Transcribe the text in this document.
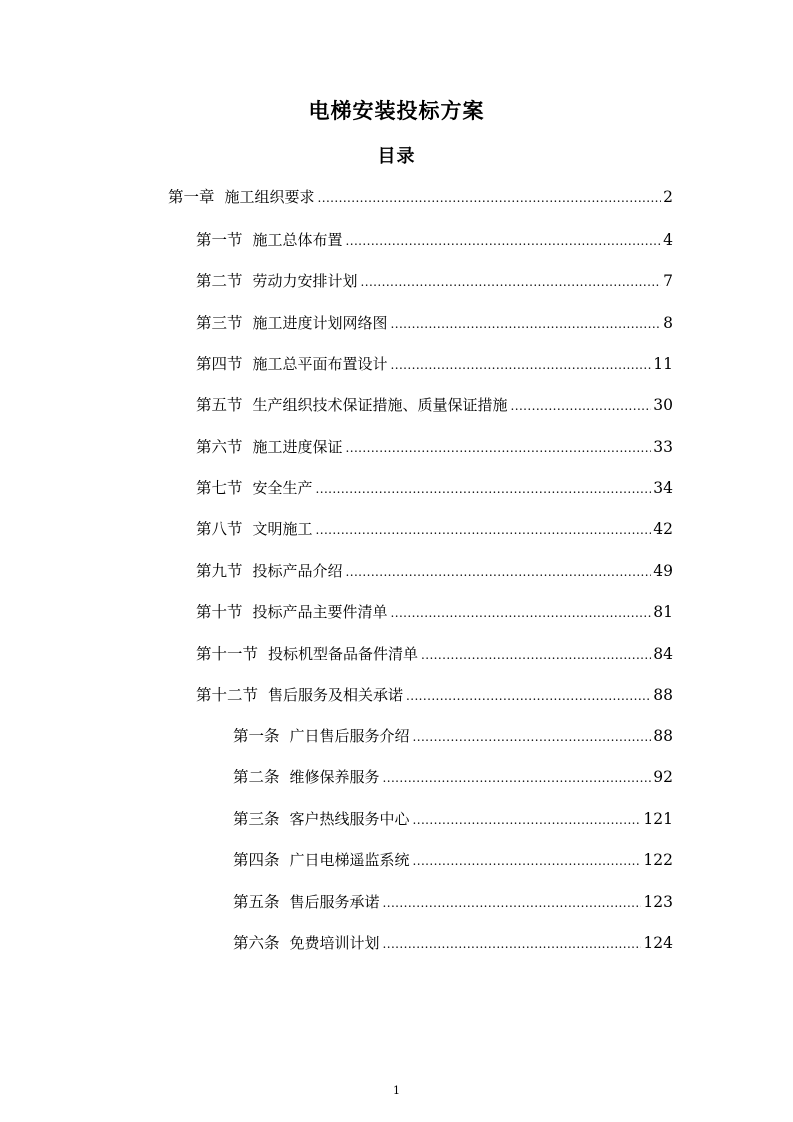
电梯安装投标方案
目录
第一章 施工组织要求 .....	2
第一节 施工总体布置 .....	4
第二节 劳动力安排计划 .....	7
第三节 施工进度计划网络图 .....	8
第四节 施工总平面布置设计 .....	11
第五节 生产组织技术保证措施、质量保证措施 .....	30
第六节 施工进度保证 .....	33
第七节 安全生产 .....	34
第八节 文明施工 .....	42
第九节 投标产品介绍 .....	49
第十节 投标产品主要件清单 .....	81
第十一节 投标机型备品备件清单 .....	84
第十二节 售后服务及相关承诺 .....	88
第一条 广日售后服务介绍 .....	88
第二条 维修保养服务 .....	92
第三条 客户热线服务中心 .....	121
第四条 广日电梯遥监系统 .....	122
第五条 售后服务承诺 .....	123
第六条 免费培训计划 .....	124
1
